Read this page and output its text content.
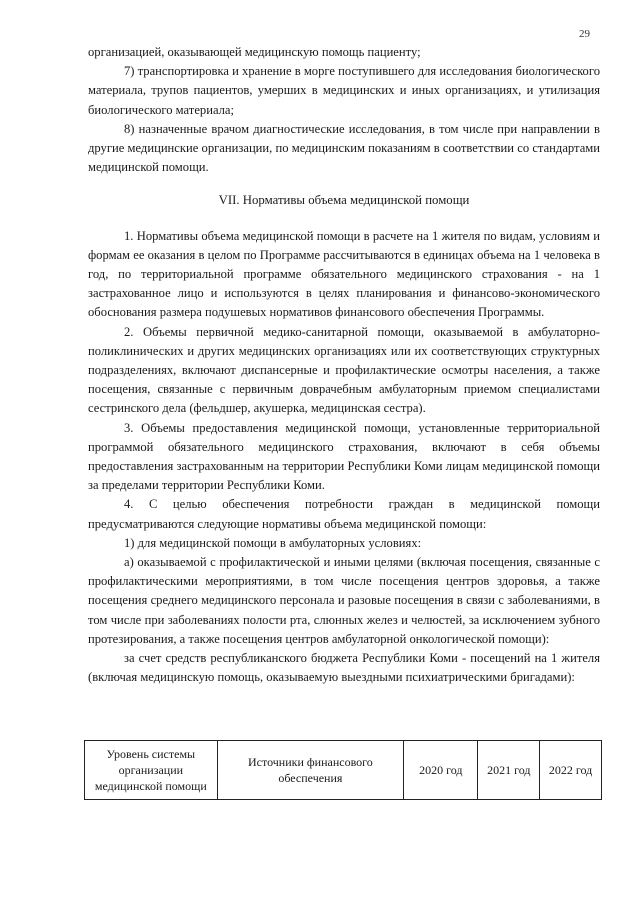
29

организацией, оказывающей медицинскую помощь пациенту;

7) транспортировка и хранение в морге поступившего для исследования биологического материала, трупов пациентов, умерших в медицинских и иных организациях, и утилизация биологического материала;

8) назначенные врачом диагностические исследования, в том числе при направлении в другие медицинские организации, по медицинским показаниям в соответствии со стандартами медицинской помощи.

VII. Нормативы объема медицинской помощи

1. Нормативы объема медицинской помощи в расчете на 1 жителя по видам, условиям и формам ее оказания в целом по Программе рассчитываются в единицах объема на 1 человека в год, по территориальной программе обязательного медицинского страхования - на 1 застрахованное лицо и используются в целях планирования и финансово-экономического обоснования размера подушевых нормативов финансового обеспечения Программы.

2. Объемы первичной медико-санитарной помощи, оказываемой в амбулаторно-поликлинических и других медицинских организациях или их соответствующих структурных подразделениях, включают диспансерные и профилактические осмотры населения, а также посещения, связанные с первичным доврачебным амбулаторным приемом специалистами сестринского дела (фельдшер, акушерка, медицинская сестра).

3. Объемы предоставления медицинской помощи, установленные территориальной программой обязательного медицинского страхования, включают в себя объемы предоставления застрахованным на территории Республики Коми лицам медицинской помощи за пределами территории Республики Коми.

4. С целью обеспечения потребности граждан в медицинской помощи предусматриваются следующие нормативы объема медицинской помощи:

1) для медицинской помощи в амбулаторных условиях:

а) оказываемой с профилактической и иными целями (включая посещения, связанные с профилактическими мероприятиями, в том числе посещения центров здоровья, а также посещения среднего медицинского персонала и разовые посещения в связи с заболеваниями, в том числе при заболеваниях полости рта, слюнных желез и челюстей, за исключением зубного протезирования, а также посещения центров амбулаторной онкологической помощи):

за счет средств республиканского бюджета Республики Коми - посещений на 1 жителя (включая медицинскую помощь, оказываемую выездными психиатрическими бригадами):

Уровень системы организации медицинской помощи	Источники финансового обеспечения	2020 год	2021 год	2022 год
